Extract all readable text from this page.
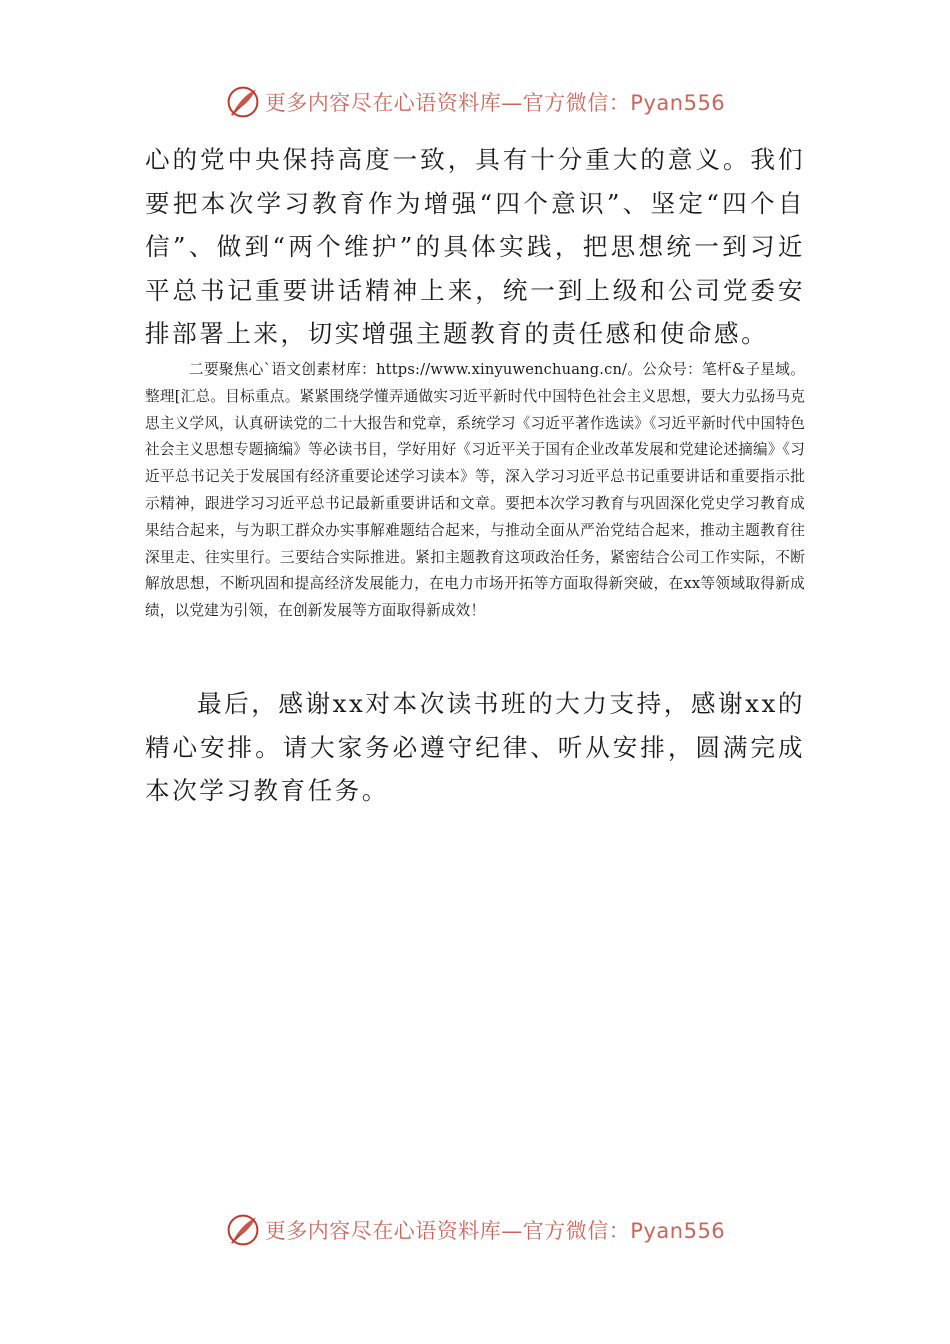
更多内容尽在心语资料库—官方微信：Pyan556

心的党中央保持高度一致，具有十分重大的意义。我们要把本次学习教育作为增强“四个意识”、坚定“四个自信”、做到“两个维护”的具体实践，把思想统一到习近平总书记重要讲话精神上来，统一到上级和公司党委安排部署上来，切实增强主题教育的责任感和使命感。

二要聚焦心`语文创素材库：https://www.xinyuwenchuang.cn/。公众号：笔杆&子星域。整理[汇总。目标重点。紧紧围绕学懂弄通做实习近平新时代中国特色社会主义思想，要大力弘扬马克思主义学风，认真研读党的二十大报告和党章，系统学习《习近平著作选读》《习近平新时代中国特色社会主义思想专题摘编》等必读书目，学好用好《习近平关于国有企业改革发展和党建论述摘编》《习近平总书记关于发展国有经济重要论述学习读本》等，深入学习习近平总书记重要讲话和重要指示批示精神，跟进学习习近平总书记最新重要讲话和文章。要把本次学习教育与巩固深化党史学习教育成果结合起来，与为职工群众办实事解难题结合起来，与推动全面从严治党结合起来，推动主题教育往深里走、往实里行。三要结合实际推进。紧扣主题教育这项政治任务，紧密结合公司工作实际，不断解放思想，不断巩固和提高经济发展能力，在电力市场开拓等方面取得新突破，在xx等领域取得新成绩，以党建为引领，在创新发展等方面取得新成效！

最后，感谢xx对本次读书班的大力支持，感谢xx的精心安排。请大家务必遵守纪律、听从安排，圆满完成本次学习教育任务。

更多内容尽在心语资料库—官方微信：Pyan556
